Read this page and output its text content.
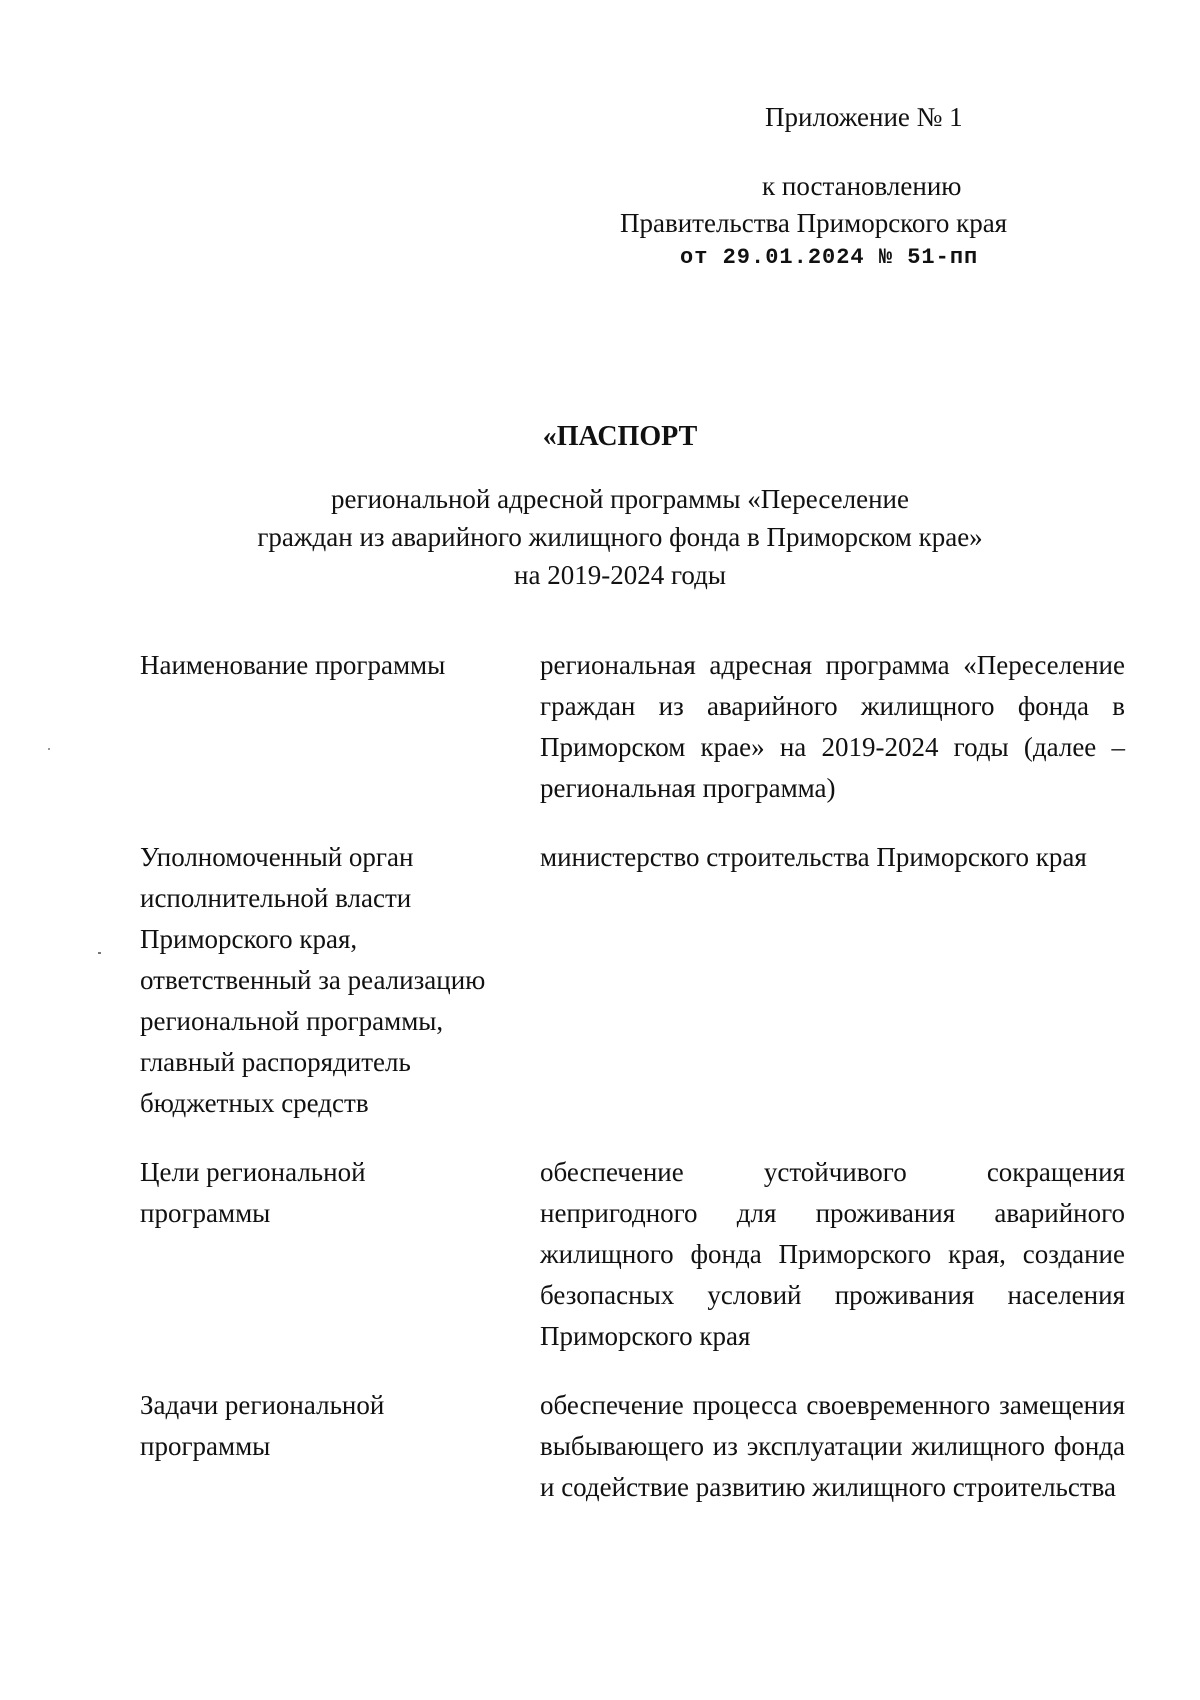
Приложение № 1
к постановлению
Правительства Приморского края
от 29.01.2024 № 51-пп
«ПАСПОРТ
региональной адресной программы «Переселение
граждан из аварийного жилищного фонда в Приморском крае»
на 2019-2024 годы
Наименование программы	региональная адресная программа «Переселение граждан из аварийного жилищного фонда в Приморском крае» на 2019-2024 годы (далее – региональная программа)
Уполномоченный орган
исполнительной власти
Приморского края,
ответственный за реализацию
региональной программы,
главный распорядитель
бюджетных средств
министерство строительства Приморского края
Цели региональной
программы
обеспечение устойчивого сокращения непригодного для проживания аварийного жилищного фонда Приморского края, создание безопасных условий проживания населения Приморского края
Задачи региональной
программы
обеспечение процесса своевременного замещения выбывающего из эксплуатации жилищного фонда и содействие развитию жилищного строительства
